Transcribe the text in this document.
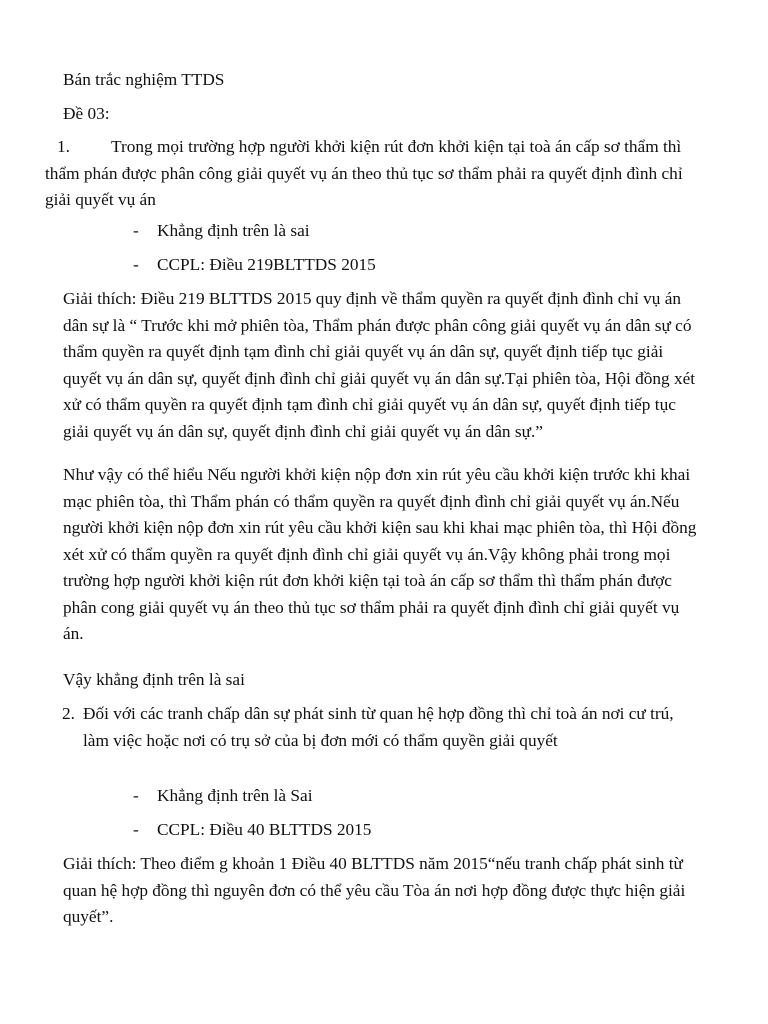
Bán trắc nghiệm TTDS
Đề 03:
1.	Trong mọi trường hợp người khởi kiện rút đơn khởi kiện tại toà án cấp sơ thẩm thì thẩm phán được phân công giải quyết vụ án theo thủ tục sơ thẩm phải ra quyết định đình chỉ giải quyết vụ án
- Khẳng định trên là sai
- CCPL: Điều 219BLTTDS 2015
Giải thích: Điều 219 BLTTDS 2015 quy định về thẩm quyền ra quyết định đình chỉ vụ án dân sự là “ Trước khi mở phiên tòa, Thẩm phán được phân công giải quyết vụ án dân sự có thẩm quyền ra quyết định tạm đình chỉ giải quyết vụ án dân sự, quyết định tiếp tục giải quyết vụ án dân sự, quyết định đình chỉ giải quyết vụ án dân sự.Tại phiên tòa, Hội đồng xét xử có thẩm quyền ra quyết định tạm đình chỉ giải quyết vụ án dân sự, quyết định tiếp tục giải quyết vụ án dân sự, quyết định đình chỉ giải quyết vụ án dân sự.”
Như vậy có thể hiểu Nếu người khởi kiện nộp đơn xin rút yêu cầu khởi kiện trước khi khai mạc phiên tòa, thì Thẩm phán có thẩm quyền ra quyết định đình chỉ giải quyết vụ án.Nếu người khởi kiện nộp đơn xin rút yêu cầu khởi kiện sau khi khai mạc phiên tòa, thì Hội đồng xét xử có thẩm quyền ra quyết định đình chỉ giải quyết vụ án.Vậy không phải trong mọi trường hợp người khởi kiện rút đơn khởi kiện tại toà án cấp sơ thẩm thì thẩm phán được phân cong giải quyết vụ án theo thủ tục sơ thẩm phải ra quyết định đình chỉ giải quyết vụ án.
Vậy khẳng định trên là sai
2. Đối với các tranh chấp dân sự phát sinh từ quan hệ hợp đồng thì chỉ toà án nơi cư trú, làm việc hoặc nơi có trụ sở của bị đơn mới có thẩm quyền giải quyết
- Khẳng định trên là Sai
- CCPL: Điều 40 BLTTDS 2015
Giải thích: Theo điểm g khoản 1 Điều 40 BLTTDS năm 2015“nếu tranh chấp phát sinh từ quan hệ hợp đồng thì nguyên đơn có thể yêu cầu Tòa án nơi hợp đồng được thực hiện giải quyết”.
